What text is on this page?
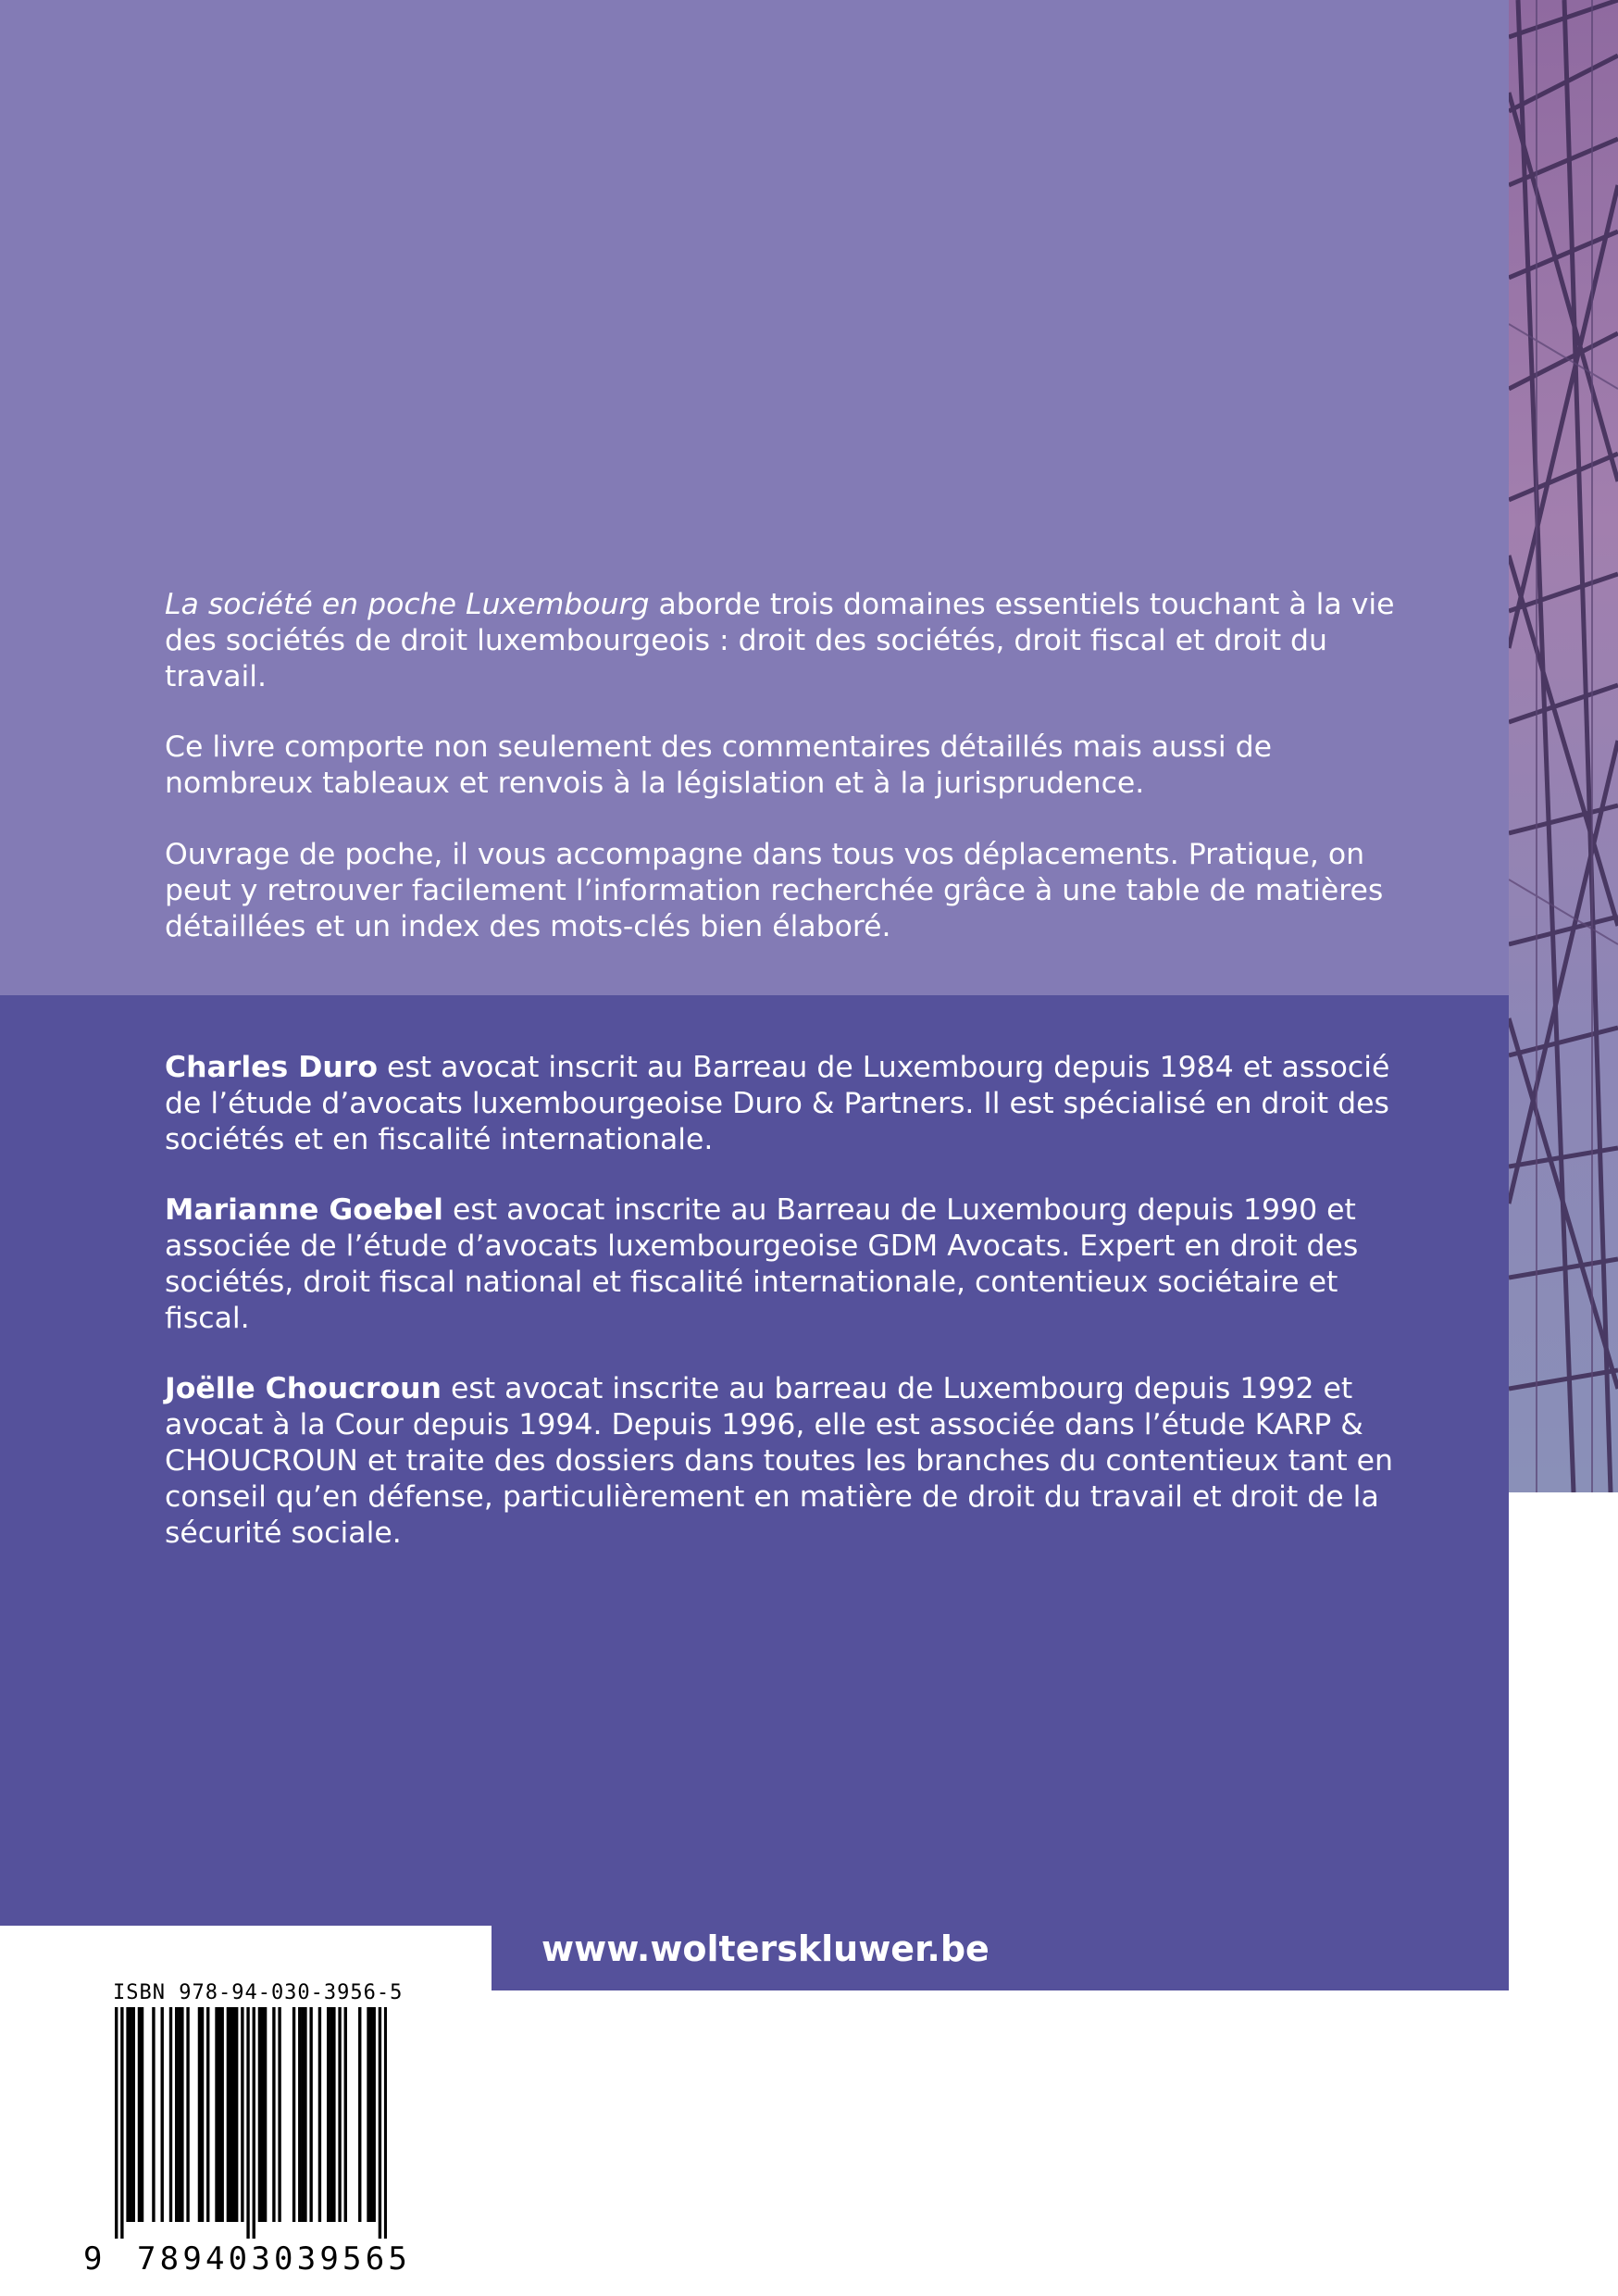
La société en poche Luxembourg aborde trois domaines essentiels touchant à la vie des sociétés de droit luxembourgeois : droit des sociétés, droit fiscal et droit du travail.

Ce livre comporte non seulement des commentaires détaillés mais aussi de nombreux tableaux et renvois à la législation et à la jurisprudence.

Ouvrage de poche, il vous accompagne dans tous vos déplacements. Pratique, on peut y retrouver facilement l’information recherchée grâce à une table de matières détaillées et un index des mots-clés bien élaboré.

Charles Duro est avocat inscrit au Barreau de Luxembourg depuis 1984 et associé de l’étude d’avocats luxembourgeoise Duro & Partners. Il est spécialisé en droit des sociétés et en fiscalité internationale.

Marianne Goebel est avocat inscrite au Barreau de Luxembourg depuis 1990 et associée de l’étude d’avocats luxembourgeoise GDM Avocats. Expert en droit des sociétés, droit fiscal national et fiscalité internationale, contentieux sociétaire et fiscal.

Joëlle Choucroun est avocat inscrite au barreau de Luxembourg depuis 1992 et avocat à la Cour depuis 1994. Depuis 1996, elle est associée dans l’étude KARP & CHOUCROUN et traite des dossiers dans toutes les branches du contentieux tant en conseil qu’en défense, particulièrement en matière de droit du travail et droit de la sécurité sociale.

www.wolterskluwer.be
ISBN 978-94-030-3956-5
9 789403039565
